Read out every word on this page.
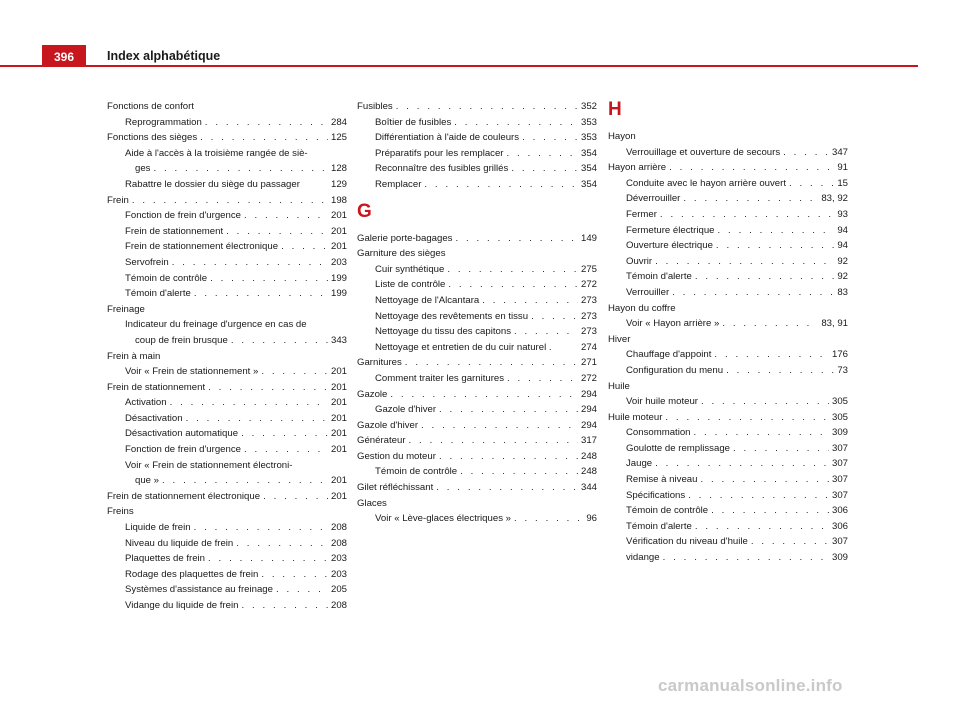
396	Index alphabétique
Fonctions de confort
Reprogrammation . . .	284
Fonctions des sièges . . .	125
Aide à l'accès à la troisième rangée de siè-
ges . . .	128
Rabattre le dossier du siège du passager	129
Frein . . .	198
Fonction de frein d'urgence . . .	201
Frein de stationnement . . .	201
Frein de stationnement électronique . . .	201
Servofrein . . .	203
Témoin de contrôle . . .	199
Témoin d'alerte . . .	199
Freinage
Indicateur du freinage d'urgence en cas de
coup de frein brusque . . .	343
Frein à main
Voir « Frein de stationnement » . . .	201
Frein de stationnement . . .	201
Activation . . .	201
Désactivation . . .	201
Désactivation automatique . . .	201
Fonction de frein d'urgence . . .	201
Voir « Frein de stationnement électroni-
que » . . .	201
Frein de stationnement électronique . . .	201
Freins
Liquide de frein . . .	208
Niveau du liquide de frein . . .	208
Plaquettes de frein . . .	203
Rodage des plaquettes de frein . . .	203
Systèmes d'assistance au freinage . . .	205
Vidange du liquide de frein . . .	208
Fusibles . . .	352
Boîtier de fusibles . . .	353
Différentiation à l'aide de couleurs . . .	353
Préparatifs pour les remplacer . . .	354
Reconnaître des fusibles grillés . . .	354
Remplacer . . .	354
G
Galerie porte-bagages . . .	149
Garniture des sièges
Cuir synthétique . . .	275
Liste de contrôle . . .	272
Nettoyage de l'Alcantara . . .	273
Nettoyage des revêtements en tissu . . .	273
Nettoyage du tissu des capitons . . .	273
Nettoyage et entretien de du cuir naturel .	274
Garnitures . . .	271
Comment traiter les garnitures . . .	272
Gazole . . .	294
Gazole d'hiver . . .	294
Gazole d'hiver . . .	294
Générateur . . .	317
Gestion du moteur . . .	248
Témoin de contrôle . . .	248
Gilet réfléchissant . . .	344
Glaces
Voir « Lève-glaces électriques » . . .	96
H
Hayon
Verrouillage et ouverture de secours . . .	347
Hayon arrière . . .	91
Conduite avec le hayon arrière ouvert . . .	15
Déverrouiller . . .	83, 92
Fermer . . .	93
Fermeture électrique . . .	94
Ouverture électrique . . .	94
Ouvrir . . .	92
Témoin d'alerte . . .	92
Verrouiller . . .	83
Hayon du coffre
Voir « Hayon arrière » . . .	83, 91
Hiver
Chauffage d'appoint . . .	176
Configuration du menu . . .	73
Huile
Voir huile moteur . . .	305
Huile moteur . . .	305
Consommation . . .	309
Goulotte de remplissage . . .	307
Jauge . . .	307
Remise à niveau . . .	307
Spécifications . . .	307
Témoin de contrôle . . .	306
Témoin d'alerte . . .	306
Vérification du niveau d'huile . . .	307
vidange . . .	309
carmanualsonline.info
